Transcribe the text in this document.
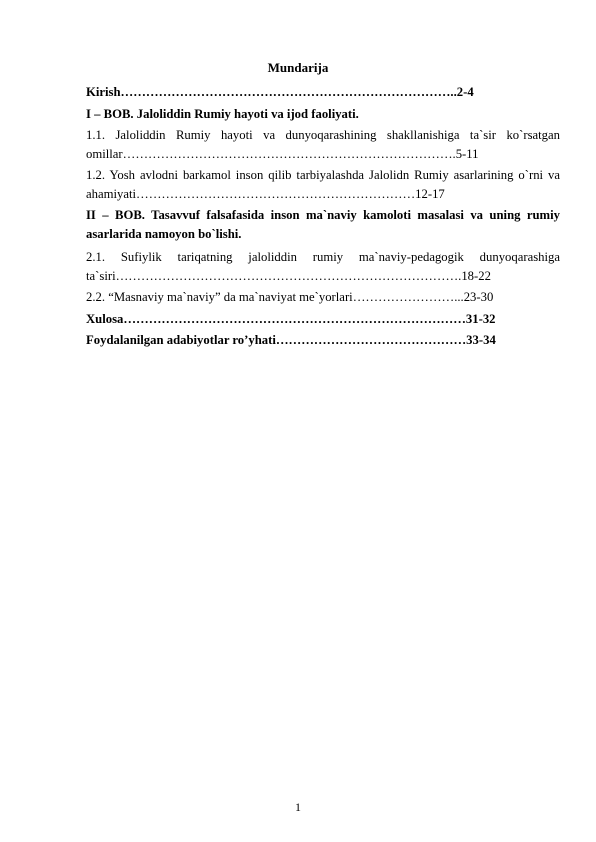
Mundarija

Kirish……………………………………………………………………..2-4

I – BOB. Jaloliddin Rumiy hayoti va ijod faoliyati.

1.1. Jaloliddin Rumiy hayoti va dunyoqarashining shakllanishiga ta`sir ko`rsatgan omillar…………………………………………………………………….5-11

1.2. Yosh avlodni barkamol inson qilib tarbiyalashda Jalolidn Rumiy asarlarining o`rni va ahamiyati…………………………………………………………12-17

II – BOB. Tasavvuf falsafasida inson ma`naviy kamoloti masalasi va uning rumiy asarlarida namoyon bo`lishi.

2.1. Sufiylik tariqatning jaloliddin rumiy ma`naviy-pedagogik dunyoqarashiga ta`siri……………………………………………………………………….18-22

2.2. “Masnaviy ma`naviy” da ma`naviyat me`yorlari……………………...23-30

Xulosa………………………………………………………………………31-32

Foydalanilgan adabiyotlar ro’yhati………………………………………33-34

1
